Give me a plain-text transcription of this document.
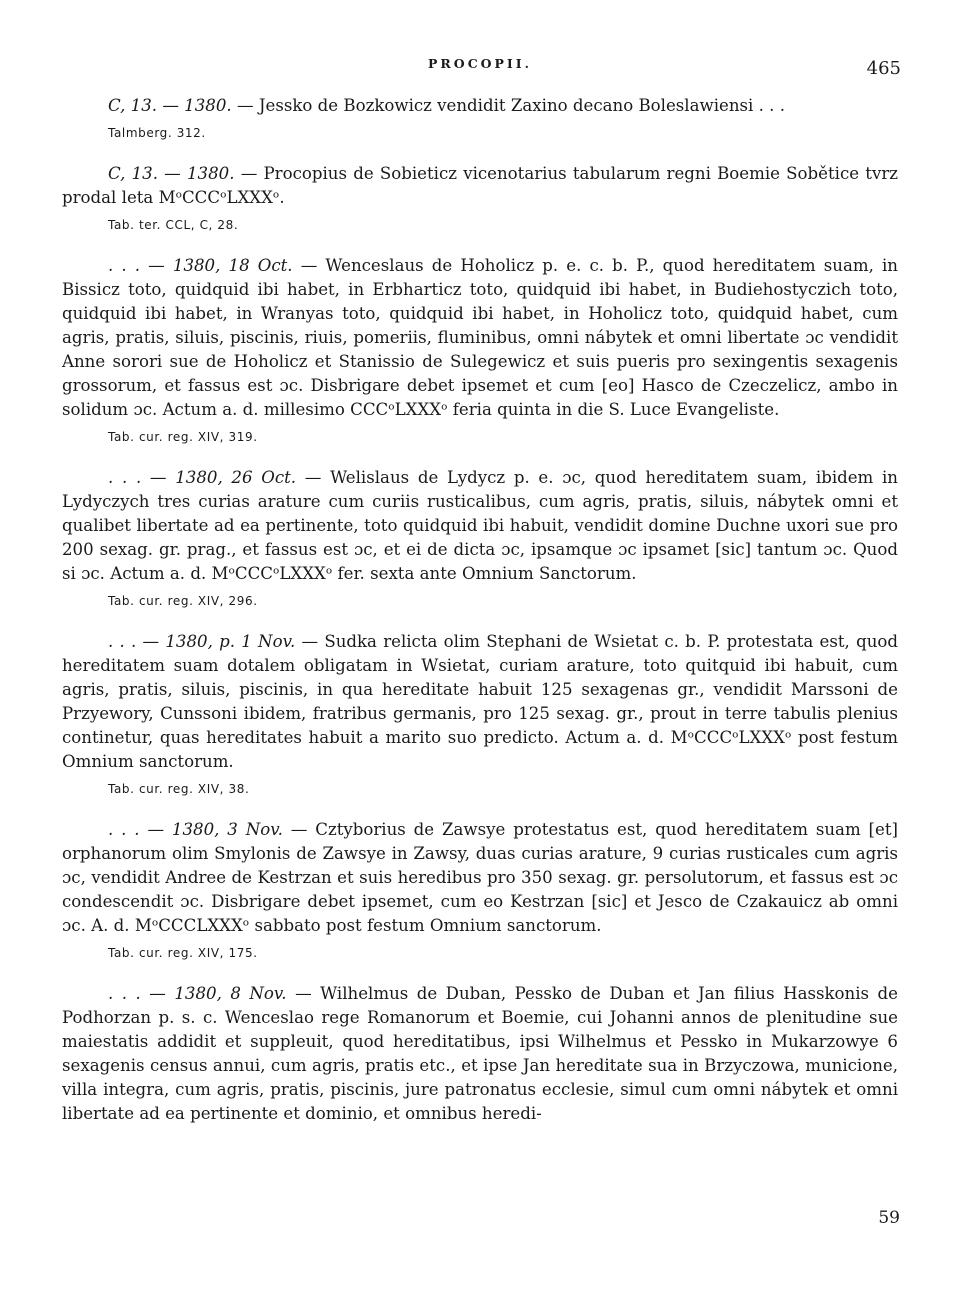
PROCOPII.	465

C, 13. — 1380. — Jessko de Bozkowicz vendidit Zaxino decano Boleslawiensi . . .

Talmberg. 312.

C, 13. — 1380. — Procopius de Sobieticz vicenotarius tabularum regni Boemie Sobětice tvrz prodal leta MᵒCCCᵒLXXXᵒ.

Tab. ter. CCL, C, 28.

. . . — 1380, 18 Oct. — Wenceslaus de Hoholicz p. e. c. b. P., quod hereditatem suam, in Bissicz toto, quidquid ibi habet, in Erbharticz toto, quidquid ibi habet, in Budiehostyczich toto, quidquid ibi habet, in Wranyas toto, quidquid ibi habet, in Hoholicz toto, quidquid habet, cum agris, pratis, siluis, piscinis, riuis, pomeriis, fluminibus, omni nábytek et omni libertate ɔc vendidit Anne sorori sue de Hoholicz et Stanissio de Sulegewicz et suis pueris pro sexingentis sexagenis grossorum, et fassus est ɔc. Disbrigare debet ipsemet et cum [eo] Hasco de Czeczelicz, ambo in solidum ɔc. Actum a. d. millesimo CCCᵒLXXXᵒ feria quinta in die S. Luce Evangeliste.

Tab. cur. reg. XIV, 319.

. . . — 1380, 26 Oct. — Welislaus de Lydycz p. e. ɔc, quod hereditatem suam, ibidem in Lydyczych tres curias arature cum curiis rusticalibus, cum agris, pratis, siluis, nábytek omni et qualibet libertate ad ea pertinente, toto quidquid ibi habuit, vendidit domine Duchne uxori sue pro 200 sexag. gr. prag., et fassus est ɔc, et ei de dicta ɔc, ipsamque ɔc ipsamet [sic] tantum ɔc. Quod si ɔc. Actum a. d. MᵒCCCᵒLXXXᵒ fer. sexta ante Omnium Sanctorum.

Tab. cur. reg. XIV, 296.

. . . — 1380, p. 1 Nov. — Sudka relicta olim Stephani de Wsietat c. b. P. protestata est, quod hereditatem suam dotalem obligatam in Wsietat, curiam arature, toto quitquid ibi habuit, cum agris, pratis, siluis, piscinis, in qua hereditate habuit 125 sexagenas gr., vendidit Marssoni de Przyewory, Cunssoni ibidem, fratribus germanis, pro 125 sexag. gr., prout in terre tabulis plenius continetur, quas hereditates habuit a marito suo predicto. Actum a. d. MᵒCCCᵒLXXXᵒ post festum Omnium sanctorum.

Tab. cur. reg. XIV, 38.

. . . — 1380, 3 Nov. — Cztyborius de Zawsye protestatus est, quod hereditatem suam [et] orphanorum olim Smylonis de Zawsye in Zawsy, duas curias arature, 9 curias rusticales cum agris ɔc, vendidit Andree de Kestrzan et suis heredibus pro 350 sexag. gr. persolutorum, et fassus est ɔc condescendit ɔc. Disbrigare debet ipsemet, cum eo Kestrzan [sic] et Jesco de Czakauicz ab omni ɔc. A. d. MᵒCCCLXXXᵒ sabbato post festum Omnium sanctorum.

Tab. cur. reg. XIV, 175.

. . . — 1380, 8 Nov. — Wilhelmus de Duban, Pessko de Duban et Jan filius Hasskonis de Podhorzan p. s. c. Wenceslao rege Romanorum et Boemie, cui Johanni annos de plenitudine sue maiestatis addidit et suppleuit, quod hereditatibus, ipsi Wilhelmus et Pessko in Mukarzowye 6 sexagenis census annui, cum agris, pratis etc., et ipse Jan hereditate sua in Brzyczowa, municione, villa integra, cum agris, pratis, piscinis, jure patronatus ecclesie, simul cum omni nábytek et omni libertate ad ea pertinente et dominio, et omnibus heredi-

59
